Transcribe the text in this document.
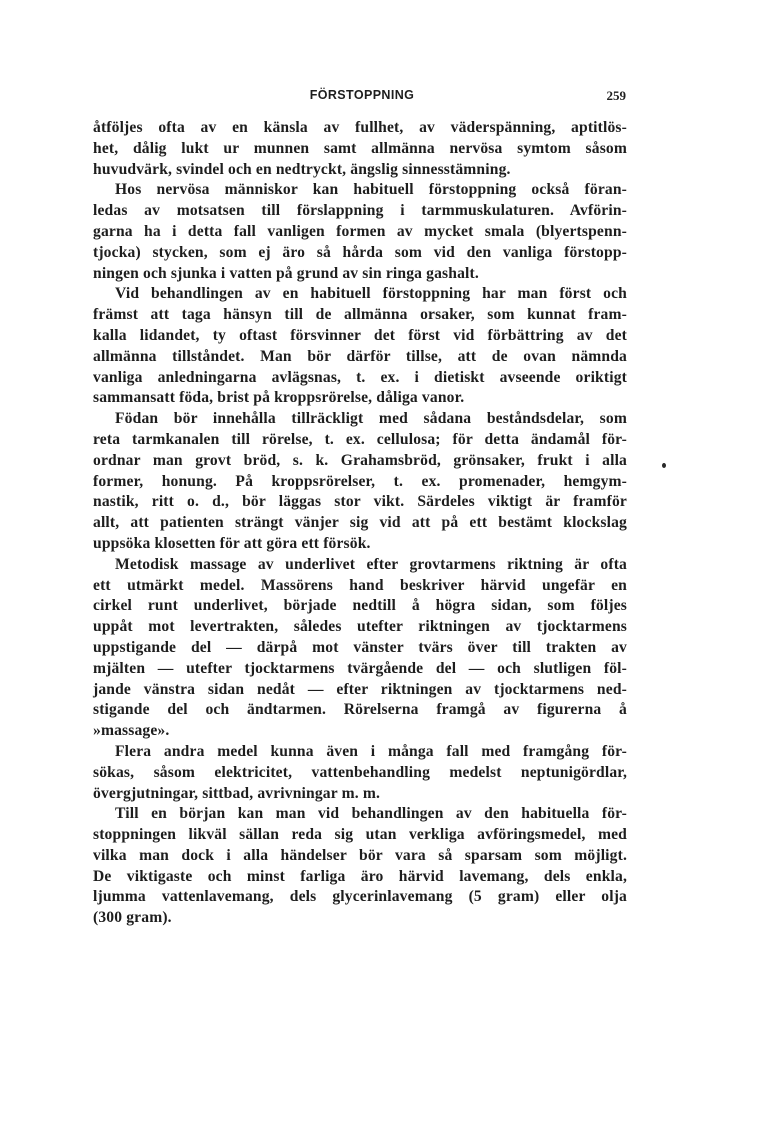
FÖRSTOPPNING	259
åtföljes ofta av en känsla av fullhet, av väderspänning, aptitlös-
het, dålig lukt ur munnen samt allmänna nervösa symtom såsom
huvudvärk, svindel och en nedtryckt, ängslig sinnesstämning.
Hos nervösa människor kan habituell förstoppning också föran-
ledas av motsatsen till förslappning i tarmmuskulaturen. Avförin-
garna ha i detta fall vanligen formen av mycket smala (blyertspenn-
tjocka) stycken, som ej äro så hårda som vid den vanliga förstopp-
ningen och sjunka i vatten på grund av sin ringa gashalt.
Vid behandlingen av en habituell förstoppning har man först och
främst att taga hänsyn till de allmänna orsaker, som kunnat fram-
kalla lidandet, ty oftast försvinner det först vid förbättring av det
allmänna tillståndet. Man bör därför tillse, att de ovan nämnda
vanliga anledningarna avlägsnas, t. ex. i dietiskt avseende oriktigt
sammansatt föda, brist på kroppsrörelse, dåliga vanor.
Födan bör innehålla tillräckligt med sådana beståndsdelar, som
reta tarmkanalen till rörelse, t. ex. cellulosa; för detta ändamål för-
ordnar man grovt bröd, s. k. Grahamsbröd, grönsaker, frukt i alla
former, honung. På kroppsrörelser, t. ex. promenader, hemgym-
nastik, ritt o. d., bör läggas stor vikt. Särdeles viktigt är framför
allt, att patienten strängt vänjer sig vid att på ett bestämt klockslag
uppsöka klosetten för att göra ett försök.
Metodisk massage av underlivet efter grovtarmens riktning är ofta
ett utmärkt medel. Massörens hand beskriver härvid ungefär en
cirkel runt underlivet, började nedtill å högra sidan, som följes
uppåt mot levertrakten, således utefter riktningen av tjocktarmens
uppstigande del — därpå mot vänster tvärs över till trakten av
mjälten — utefter tjocktarmens tvärgående del — och slutligen föl-
jande vänstra sidan nedåt — efter riktningen av tjocktarmens ned-
stigande del och ändtarmen. Rörelserna framgå av figurerna å
»massage».
Flera andra medel kunna även i många fall med framgång för-
sökas, såsom elektricitet, vattenbehandling medelst neptunigördlar,
övergjutningar, sittbad, avrivningar m. m.
Till en början kan man vid behandlingen av den habituella för-
stoppningen likväl sällan reda sig utan verkliga avföringsmedel, med
vilka man dock i alla händelser bör vara så sparsam som möjligt.
De viktigaste och minst farliga äro härvid lavemang, dels enkla,
ljumma vattenlavemang, dels glycerinlavemang (5 gram) eller olja
(300 gram).
